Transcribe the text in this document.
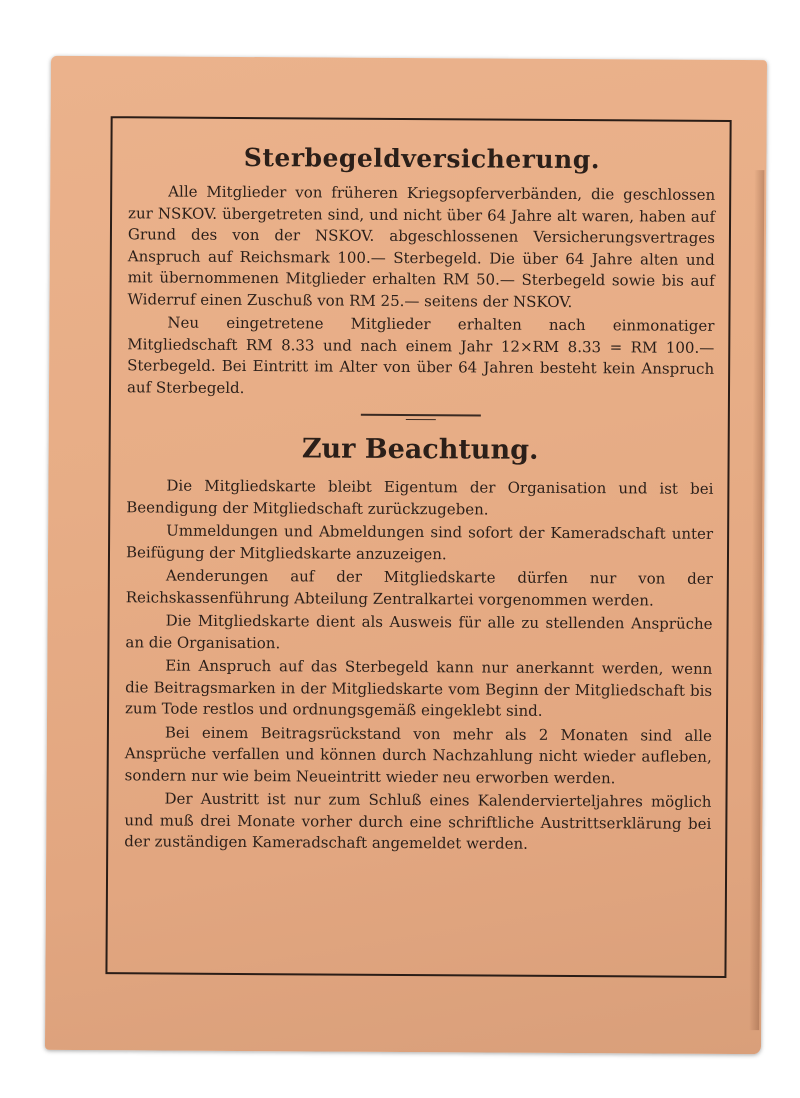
Sterbegeldversicherung.

Alle Mitglieder von früheren Kriegsopferverbänden, die geschlossen zur NSKOV. übergetreten sind, und nicht über 64 Jahre alt waren, haben auf Grund des von der NSKOV. abgeschlossenen Versicherungsvertrages Anspruch auf Reichsmark 100.— Sterbegeld. Die über 64 Jahre alten und mit übernommenen Mitglieder erhalten RM 50.— Sterbegeld sowie bis auf Widerruf einen Zuschuß von RM 25.— seitens der NSKOV.

Neu eingetretene Mitglieder erhalten nach einmonatiger Mitgliedschaft RM 8.33 und nach einem Jahr 12×RM 8.33 = RM 100.— Sterbegeld. Bei Eintritt im Alter von über 64 Jahren besteht kein Anspruch auf Sterbegeld.

Zur Beachtung.

Die Mitgliedskarte bleibt Eigentum der Organisation und ist bei Beendigung der Mitgliedschaft zurückzugeben.

Ummeldungen und Abmeldungen sind sofort der Kameradschaft unter Beifügung der Mitgliedskarte anzuzeigen.

Aenderungen auf der Mitgliedskarte dürfen nur von der Reichskassenführung Abteilung Zentralkartei vorgenommen werden.

Die Mitgliedskarte dient als Ausweis für alle zu stellenden Ansprüche an die Organisation.

Ein Anspruch auf das Sterbegeld kann nur anerkannt werden, wenn die Beitragsmarken in der Mitgliedskarte vom Beginn der Mitgliedschaft bis zum Tode restlos und ordnungsgemäß eingeklebt sind.

Bei einem Beitragsrückstand von mehr als 2 Monaten sind alle Ansprüche verfallen und können durch Nachzahlung nicht wieder aufleben, sondern nur wie beim Neueintritt wieder neu erworben werden.

Der Austritt ist nur zum Schluß eines Kalendervierteljahres möglich und muß drei Monate vorher durch eine schriftliche Austrittserklärung bei der zuständigen Kameradschaft angemeldet werden.
